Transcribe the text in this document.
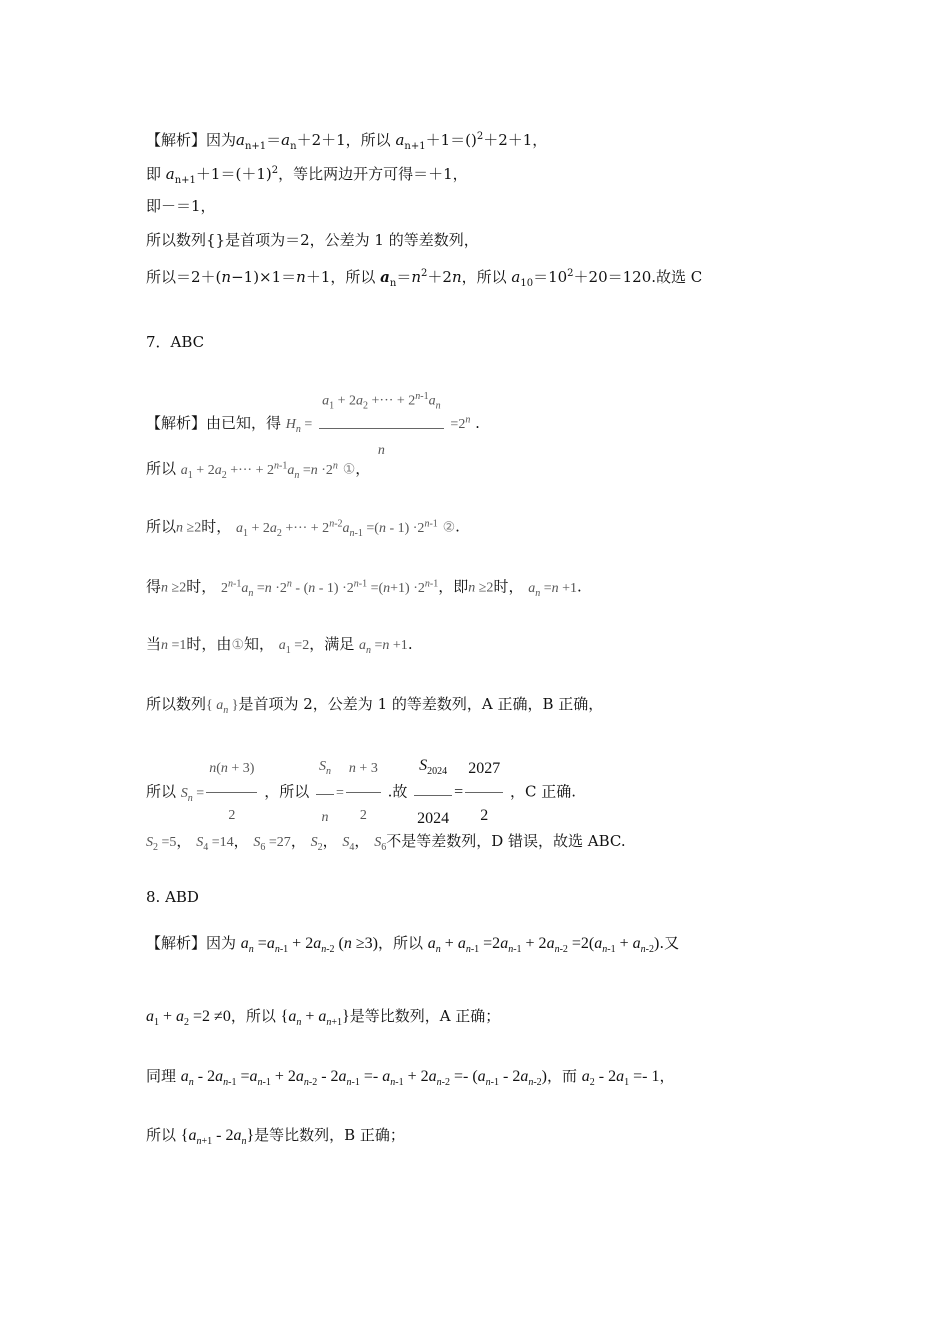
【解析】因为$a_{n+1}=a_n+2+1$，所以 $a_{n+1}+1=()^2+2+1$，
即 $a_{n+1}+1=(+1)^2$，等比两边开方可得＝＋1，
即－＝1，
所以数列{}是首项为＝2，公差为 1 的等差数列，
所以＝2＋(n−1)×1＝n＋1，所以 $a_n=n^2+2n$，所以 $a_{10}=10^2+20=120$.故选 C
7．ABC
【解析】由已知，得 $H_n = \frac{a_1 + 2a_2 +\cdot\cdot\cdot + 2^{n-1}a_n}{n} =2^n$ .
所以 $a_1 + 2a_2$ +··· + $2^{n-1}a_n =n \cdot 2^n$ ①，
所以n ≥2时， $a_1 + 2a_2$ +··· + $2^{n-2}a_{n-1} =(n - 1) \cdot 2^{n-1}$ ②.
得n ≥2时， $2^{n-1}a_n =n \cdot 2^n - (n - 1) \cdot 2^{n-1} =(n+1) \cdot 2^{n-1}$，即n ≥2时， $a_n =n +1$.
当n =1时，由①知， $a_1 =2$，满足 $a_n =n +1$.
所以数列{ $a_n$ }是首项为 2，公差为 1 的等差数列，A 正确，B 正确，
所以 $S_n = \frac{n(n + 3)}{2}$ ，所以 $\frac{S_n}{n} = \frac{n + 3}{2}$ .故 $\frac{S_{2024}}{2024} = \frac{2027}{2}$ ，C 正确.
$S_2 =5$， $S_4 =14$， $S_6 =27$， $S_2$， $S_4$， $S_6$不是等差数列，D 错误，故选 ABC.
8. ABD
【解析】因为 $a_n =a_{n-1} + 2a_{n-2}$ (n ≥3)，所以 $a_n + a_{n-1} =2a_{n-1} + 2a_{n-2} =2(a_{n-1} + a_{n-2})$.又
$a_1 + a_2 =2 \ne 0$，所以 $\{a_n + a_{n+1}\}$是等比数列，A 正确；
同理 $a_n - 2a_{n-1} =a_{n-1} + 2a_{n-2} - 2a_{n-1} =- a_{n-1} + 2a_{n-2} =- (a_{n-1} - 2a_{n-2})$，而 $a_2 - 2a_1 =- 1$，
所以 $\{a_{n+1} - 2a_n\}$是等比数列，B 正确；
